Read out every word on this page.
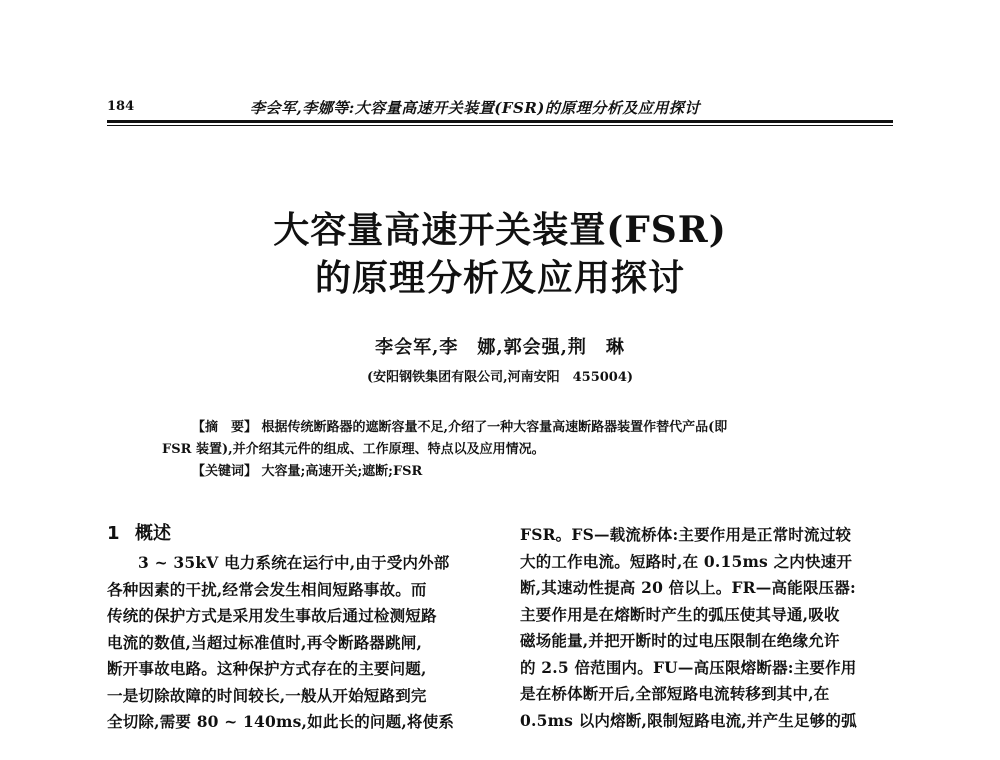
184	李会军,李娜等:大容量高速开关装置(FSR)的原理分析及应用探讨
大容量高速开关装置(FSR)
的原理分析及应用探讨
李会军,李　娜,郭会强,荆　琳
(安阳钢铁集团有限公司,河南安阳　455004)
【摘　要】 根据传统断路器的遮断容量不足,介绍了一种大容量高速断路器装置作替代产品(即
FSR 装置),并介绍其元件的组成、工作原理、特点以及应用情况。
【关键词】 大容量;高速开关;遮断;FSR
1 概述
3 ~ 35kV 电力系统在运行中,由于受内外部
各种因素的干扰,经常会发生相间短路事故。而
传统的保护方式是采用发生事故后通过检测短路
电流的数值,当超过标准值时,再令断路器跳闸,
断开事故电路。这种保护方式存在的主要问题,
一是切除故障的时间较长,一般从开始短路到完
全切除,需要 80 ~ 140ms,如此长的问题,将使系
FSR。FS—载流桥体:主要作用是正常时流过较
大的工作电流。短路时,在 0.15ms 之内快速开
断,其速动性提高 20 倍以上。FR—高能限压器:
主要作用是在熔断时产生的弧压使其导通,吸收
磁场能量,并把开断时的过电压限制在绝缘允许
的 2.5 倍范围内。FU—高压限熔断器:主要作用
是在桥体断开后,全部短路电流转移到其中,在
0.5ms 以内熔断,限制短路电流,并产生足够的弧
